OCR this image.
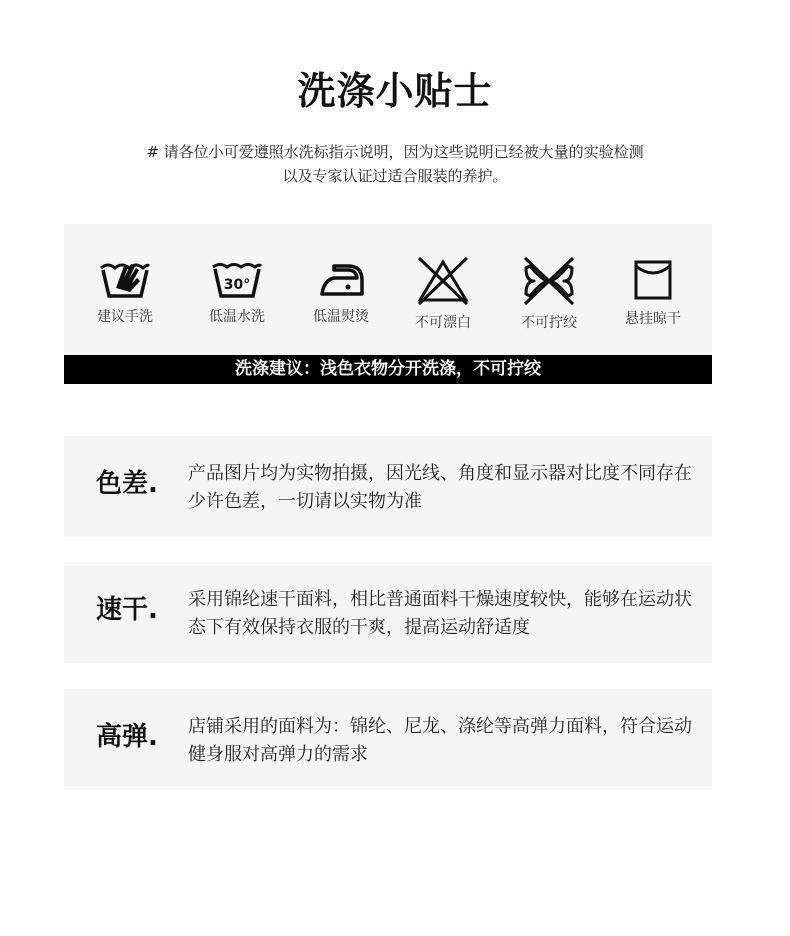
洗涤小贴士
# 请各位小可爱遵照水洗标指示说明，因为这些说明已经被大量的实验检测
以及专家认证过适合服装的养护。
建议手洗
30°
低温水洗	低温熨烫	不可漂白	不可拧绞	悬挂晾干
洗涤建议：浅色衣物分开洗涤，不可拧绞
色差. 产品图片均为实物拍摄，因光线、角度和显示器对比度不同存在少许色差，一切请以实物为准
速干. 采用锦纶速干面料，相比普通面料干燥速度较快，能够在运动状态下有效保持衣服的干爽，提高运动舒适度
高弹. 店铺采用的面料为：锦纶、尼龙、涤纶等高弹力面料，符合运动健身服对高弹力的需求
